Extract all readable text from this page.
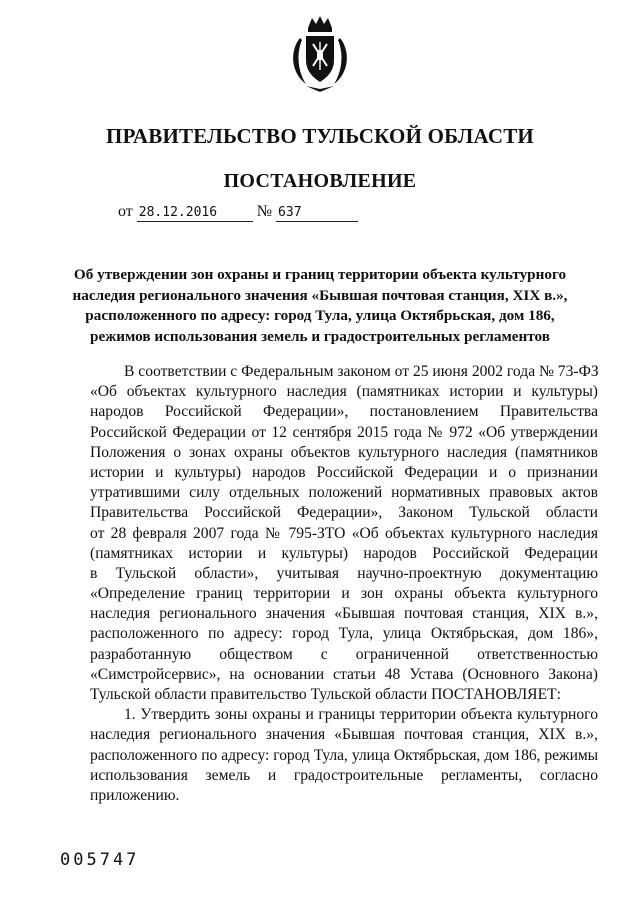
ПРАВИТЕЛЬСТВО ТУЛЬСКОЙ ОБЛАСТИ
ПОСТАНОВЛЕНИЕ
от 28.12.2016 № 637
Об утверждении зон охраны и границ территории объекта культурного
наследия регионального значения «Бывшая почтовая станция, XIX в.»,
расположенного по адресу: город Тула, улица Октябрьская, дом 186,
режимов использования земель и градостроительных регламентов
В соответствии с Федеральным законом от 25 июня 2002 года № 73-ФЗ
«Об объектах культурного наследия (памятниках истории и культуры)
народов Российской Федерации», постановлением Правительства
Российской Федерации от 12 сентября 2015 года № 972 «Об утверждении
Положения о зонах охраны объектов культурного наследия (памятников
истории и культуры) народов Российской Федерации и о признании
утратившими силу отдельных положений нормативных правовых актов
Правительства Российской Федерации», Законом Тульской области
от 28 февраля 2007 года № 795-ЗТО «Об объектах культурного наследия
(памятниках истории и культуры) народов Российской Федерации
в Тульской области», учитывая научно-проектную документацию
«Определение границ территории и зон охраны объекта культурного
наследия регионального значения «Бывшая почтовая станция, XIX в.»,
расположенного по адресу: город Тула, улица Октябрьская, дом 186»,
разработанную обществом с ограниченной ответственностью
«Симстройсервис», на основании статьи 48 Устава (Основного Закона)
Тульской области правительство Тульской области ПОСТАНОВЛЯЕТ:
1. Утвердить зоны охраны и границы территории объекта культурного
наследия регионального значения «Бывшая почтовая станция, XIX в.»,
расположенного по адресу: город Тула, улица Октябрьская, дом 186, режимы
использования земель и градостроительные регламенты, согласно
приложению.
005747
